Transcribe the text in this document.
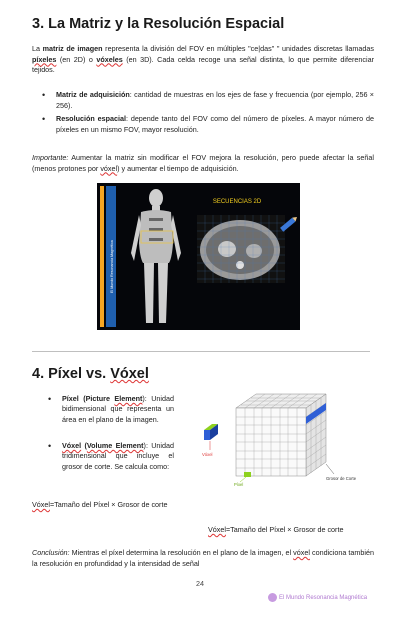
3. La Matriz y la Resolución Espacial

La matriz de imagen representa la división del FOV en múltiples "ce|das" " unidades discretas llamadas píxeles (en 2D) o vóxeles (en 3D). Cada celda recoge una señal distinta, lo que permite diferenciar tejidos.

• Matriz de adquisición: cantidad de muestras en los ejes de fase y frecuencia (por ejemplo, 256 × 256).

• Resolución espacial: depende tanto del FOV como del número de píxeles. A mayor número de píxeles en un mismo FOV, mayor resolución.

Importante: Aumentar la matriz sin modificar el FOV mejora la resolución, pero puede afectar la señal (menos protones por vóxel) y aumentar el tiempo de adquisición.

El Mundo Resonancia Magnética
SECUENCIAS 2D
4. Píxel vs. Vóxel

• Píxel (Picture Element): Unidad bidimensional que representa un área en el plano de la imagen.

• Vóxel (Volume Element): Unidad tridimensional que incluye el grosor de corte. Se calcula como:

Vóxel=Tamaño del Píxel × Grosor de corte

Vóxel
Píxel
Grosor de Corte

Vóxel=Tamaño del Píxel × Grosor de corte

Conclusión: Mientras el píxel determina la resolución en el plano de la imagen, el vóxel condiciona también la resolución en profundidad y la intensidad de señal

24
El Mundo Resonancia Magnética
